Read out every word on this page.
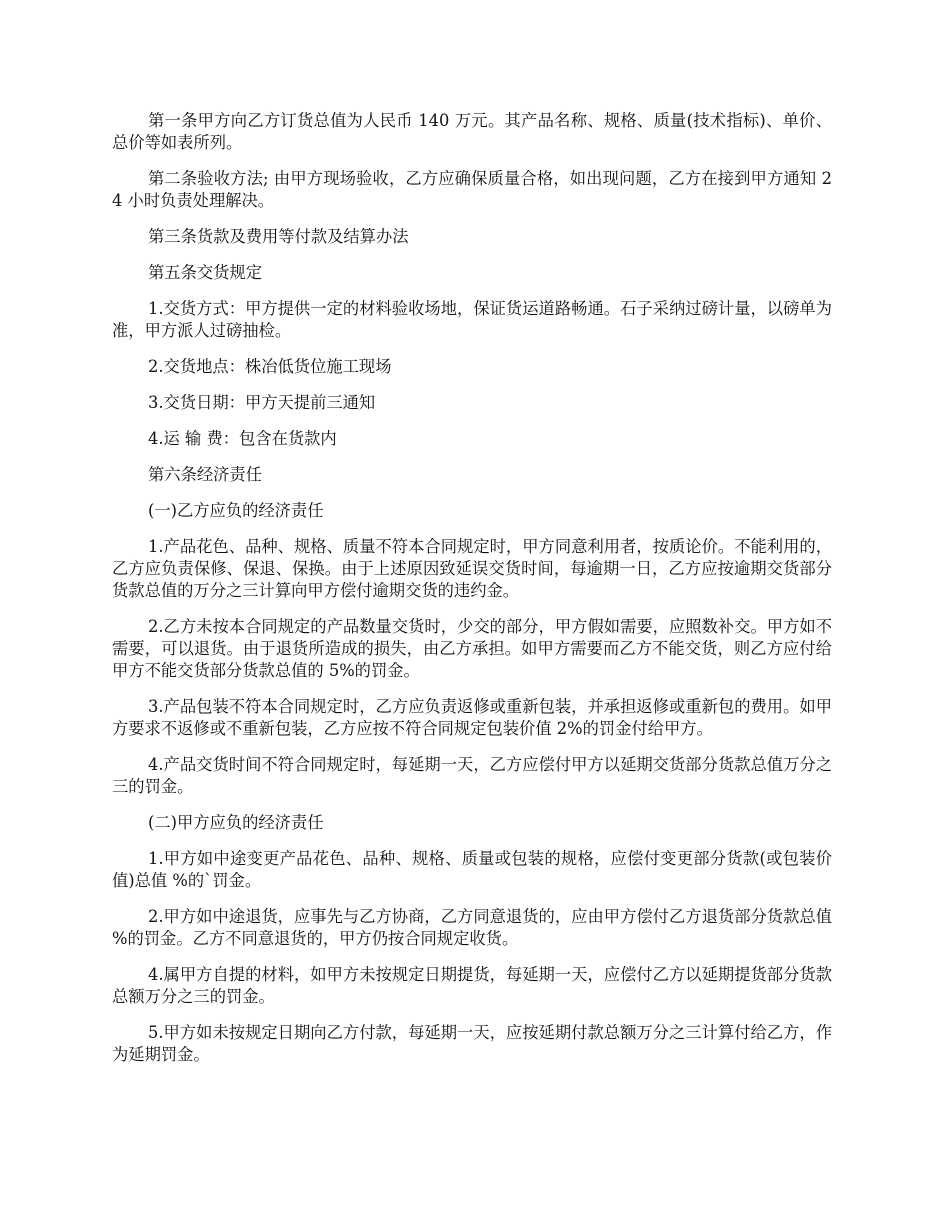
第一条甲方向乙方订货总值为人民币 140 万元。其产品名称、规格、质量(技术指标)、单价、总价等如表所列。

第二条验收方法; 由甲方现场验收，乙方应确保质量合格，如出现问题，乙方在接到甲方通知 24 小时负责处理解决。

第三条货款及费用等付款及结算办法

第五条交货规定

1.交货方式：甲方提供一定的材料验收场地，保证货运道路畅通。石子采纳过磅计量，以磅单为准，甲方派人过磅抽检。

2.交货地点：株冶低货位施工现场

3.交货日期：甲方天提前三通知

4.运 输 费：包含在货款内

第六条经济责任

(一)乙方应负的经济责任

1.产品花色、品种、规格、质量不符本合同规定时，甲方同意利用者，按质论价。不能利用的，乙方应负责保修、保退、保换。由于上述原因致延误交货时间，每逾期一日，乙方应按逾期交货部分货款总值的万分之三计算向甲方偿付逾期交货的违约金。

2.乙方未按本合同规定的产品数量交货时，少交的部分，甲方假如需要，应照数补交。甲方如不需要，可以退货。由于退货所造成的损失，由乙方承担。如甲方需要而乙方不能交货，则乙方应付给甲方不能交货部分货款总值的 5%的罚金。

3.产品包装不符本合同规定时，乙方应负责返修或重新包装，并承担返修或重新包的费用。如甲方要求不返修或不重新包装，乙方应按不符合同规定包装价值 2%的罚金付给甲方。

4.产品交货时间不符合同规定时，每延期一天，乙方应偿付甲方以延期交货部分货款总值万分之三的罚金。

(二)甲方应负的经济责任

1.甲方如中途变更产品花色、品种、规格、质量或包装的规格，应偿付变更部分货款(或包装价值)总值 %的`罚金。

2.甲方如中途退货，应事先与乙方协商，乙方同意退货的，应由甲方偿付乙方退货部分货款总值 %的罚金。乙方不同意退货的，甲方仍按合同规定收货。

4.属甲方自提的材料，如甲方未按规定日期提货，每延期一天，应偿付乙方以延期提货部分货款总额万分之三的罚金。

5.甲方如未按规定日期向乙方付款，每延期一天，应按延期付款总额万分之三计算付给乙方，作为延期罚金。
